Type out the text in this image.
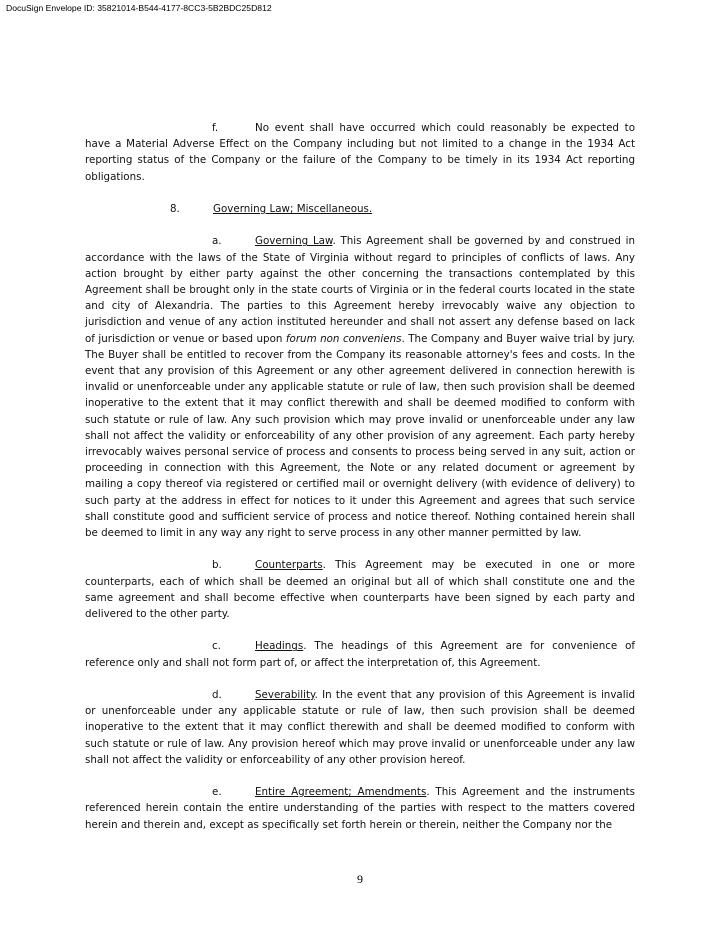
DocuSign Envelope ID: 35821014-B544-4177-8CC3-5B2BDC25D812

f.	No event shall have occurred which could reasonably be expected to have a Material Adverse Effect on the Company including but not limited to a change in the 1934 Act reporting status of the Company or the failure of the Company to be timely in its 1934 Act reporting obligations.

8.	Governing Law; Miscellaneous.

a.	Governing Law. This Agreement shall be governed by and construed in accordance with the laws of the State of Virginia without regard to principles of conflicts of laws. Any action brought by either party against the other concerning the transactions contemplated by this Agreement shall be brought only in the state courts of Virginia or in the federal courts located in the state and city of Alexandria. The parties to this Agreement hereby irrevocably waive any objection to jurisdiction and venue of any action instituted hereunder and shall not assert any defense based on lack of jurisdiction or venue or based upon forum non conveniens. The Company and Buyer waive trial by jury. The Buyer shall be entitled to recover from the Company its reasonable attorney's fees and costs. In the event that any provision of this Agreement or any other agreement delivered in connection herewith is invalid or unenforceable under any applicable statute or rule of law, then such provision shall be deemed inoperative to the extent that it may conflict therewith and shall be deemed modified to conform with such statute or rule of law. Any such provision which may prove invalid or unenforceable under any law shall not affect the validity or enforceability of any other provision of any agreement. Each party hereby irrevocably waives personal service of process and consents to process being served in any suit, action or proceeding in connection with this Agreement, the Note or any related document or agreement by mailing a copy thereof via registered or certified mail or overnight delivery (with evidence of delivery) to such party at the address in effect for notices to it under this Agreement and agrees that such service shall constitute good and sufficient service of process and notice thereof. Nothing contained herein shall be deemed to limit in any way any right to serve process in any other manner permitted by law.

b.	Counterparts. This Agreement may be executed in one or more counterparts, each of which shall be deemed an original but all of which shall constitute one and the same agreement and shall become effective when counterparts have been signed by each party and delivered to the other party.

c.	Headings. The headings of this Agreement are for convenience of reference only and shall not form part of, or affect the interpretation of, this Agreement.

d.	Severability. In the event that any provision of this Agreement is invalid or unenforceable under any applicable statute or rule of law, then such provision shall be deemed inoperative to the extent that it may conflict therewith and shall be deemed modified to conform with such statute or rule of law. Any provision hereof which may prove invalid or unenforceable under any law shall not affect the validity or enforceability of any other provision hereof.

e.	Entire Agreement; Amendments. This Agreement and the instruments referenced herein contain the entire understanding of the parties with respect to the matters covered herein and therein and, except as specifically set forth herein or therein, neither the Company nor the

9
